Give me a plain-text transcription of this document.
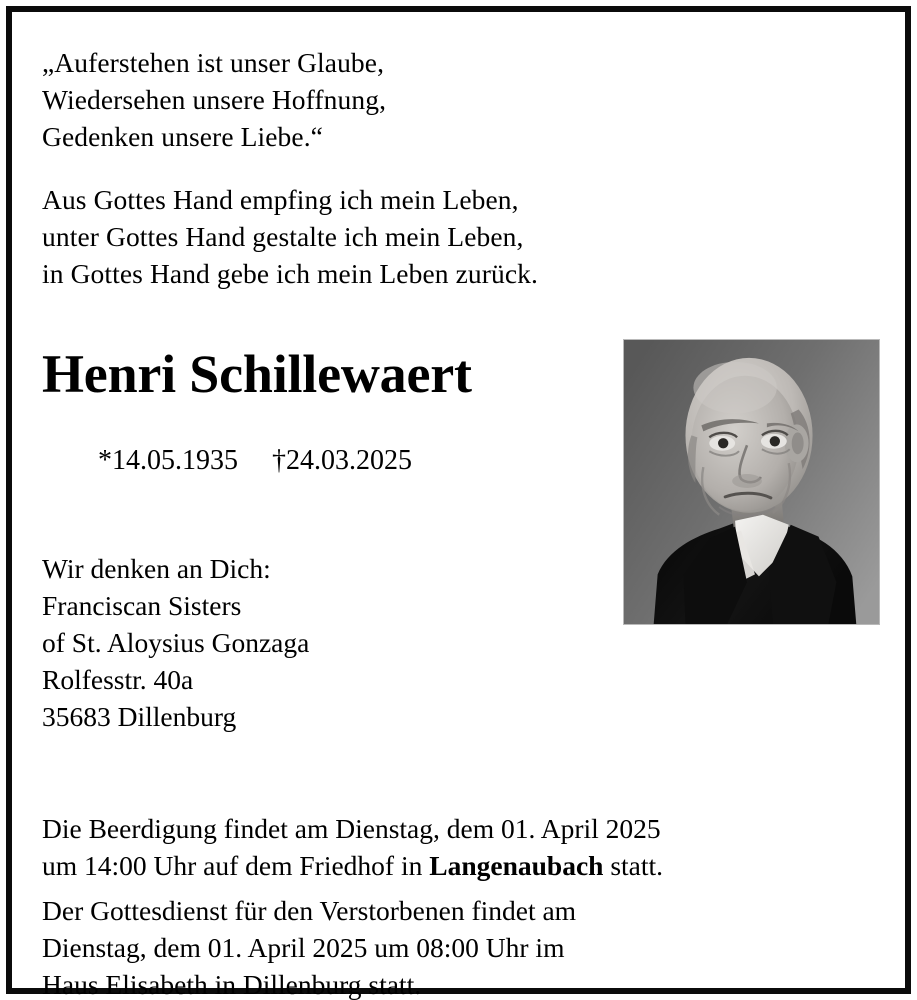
„Auferstehen ist unser Glaube,
Wiedersehen unsere Hoffnung,
Gedenken unsere Liebe.“
Aus Gottes Hand empfing ich mein Leben,
unter Gottes Hand gestalte ich mein Leben,
in Gottes Hand gebe ich mein Leben zurück.
Henri Schillewaert

*14.05.1935 †24.03.2025

Wir denken an Dich:
Franciscan Sisters
of St. Aloysius Gonzaga
Rolfesstr. 40a
35683 Dillenburg
Die Beerdigung findet am Dienstag, dem 01. April 2025
um 14:00 Uhr auf dem Friedhof in Langenaubach statt.
Der Gottesdienst für den Verstorbenen findet am
Dienstag, dem 01. April 2025 um 08:00 Uhr im
Haus Elisabeth in Dillenburg statt.
